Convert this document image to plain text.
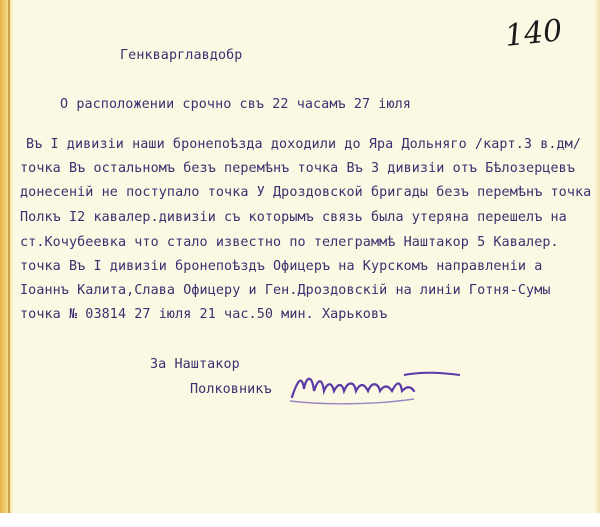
140
Генкварглавдобр
О расположении срочно свъ 22 часамъ 27 іюля
Въ I дивизіи наши бронепоѣзда доходили до Яра Дольняго /карт.3 в.дм/
точка Въ остальномъ безъ перемѣнъ точка Въ 3 дивизіи отъ Бѣлозерцевъ
донесеній не поступало точка У Дроздовской бригады безъ перемѣнъ точка
Полкъ I2 кавалер.дивизіи съ которымъ связь была утеряна перешелъ на
ст.Кочубеевка что стало известно по телеграммѣ Наштакор 5 Кавалер.
точка Въ I дивизіи бронепоѣздъ Офицеръ на Курскомъ направленіи а
Іоаннъ Калита,Слава Офицеру и Ген.Дроздовскій на линіи Готня-Сумы
точка № 03814 27 іюля 21 час.50 мин. Харьковъ
За Наштакор
Полковникъ
